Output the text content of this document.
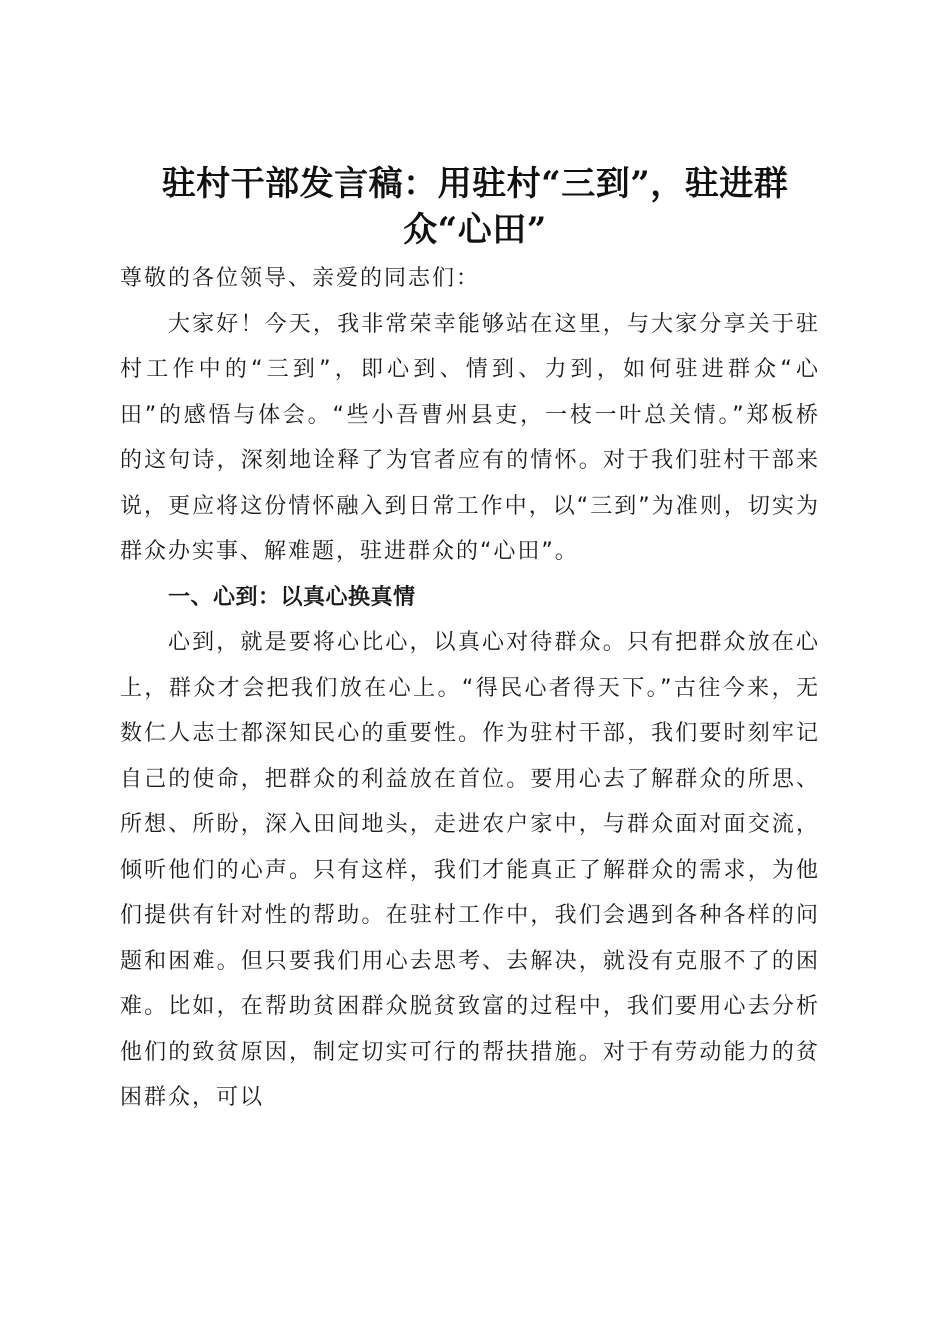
驻村干部发言稿：用驻村“三到”，驻进群
众“心田”

尊敬的各位领导、亲爱的同志们：

大家好！今天，我非常荣幸能够站在这里，与大家分享关于驻村工作中的“三到”，即心到、情到、力到，如何驻进群众“心田”的感悟与体会。“些小吾曹州县吏，一枝一叶总关情。”郑板桥的这句诗，深刻地诠释了为官者应有的情怀。对于我们驻村干部来说，更应将这份情怀融入到日常工作中，以“三到”为准则，切实为群众办实事、解难题，驻进群众的“心田”。

一、心到：以真心换真情

心到，就是要将心比心，以真心对待群众。只有把群众放在心上，群众才会把我们放在心上。“得民心者得天下。”古往今来，无数仁人志士都深知民心的重要性。作为驻村干部，我们要时刻牢记自己的使命，把群众的利益放在首位。要用心去了解群众的所思、所想、所盼，深入田间地头，走进农户家中，与群众面对面交流，倾听他们的心声。只有这样，我们才能真正了解群众的需求，为他们提供有针对性的帮助。在驻村工作中，我们会遇到各种各样的问题和困难。但只要我们用心去思考、去解决，就没有克服不了的困难。比如，在帮助贫困群众脱贫致富的过程中，我们要用心去分析他们的致贫原因，制定切实可行的帮扶措施。对于有劳动能力的贫困群众，可以
